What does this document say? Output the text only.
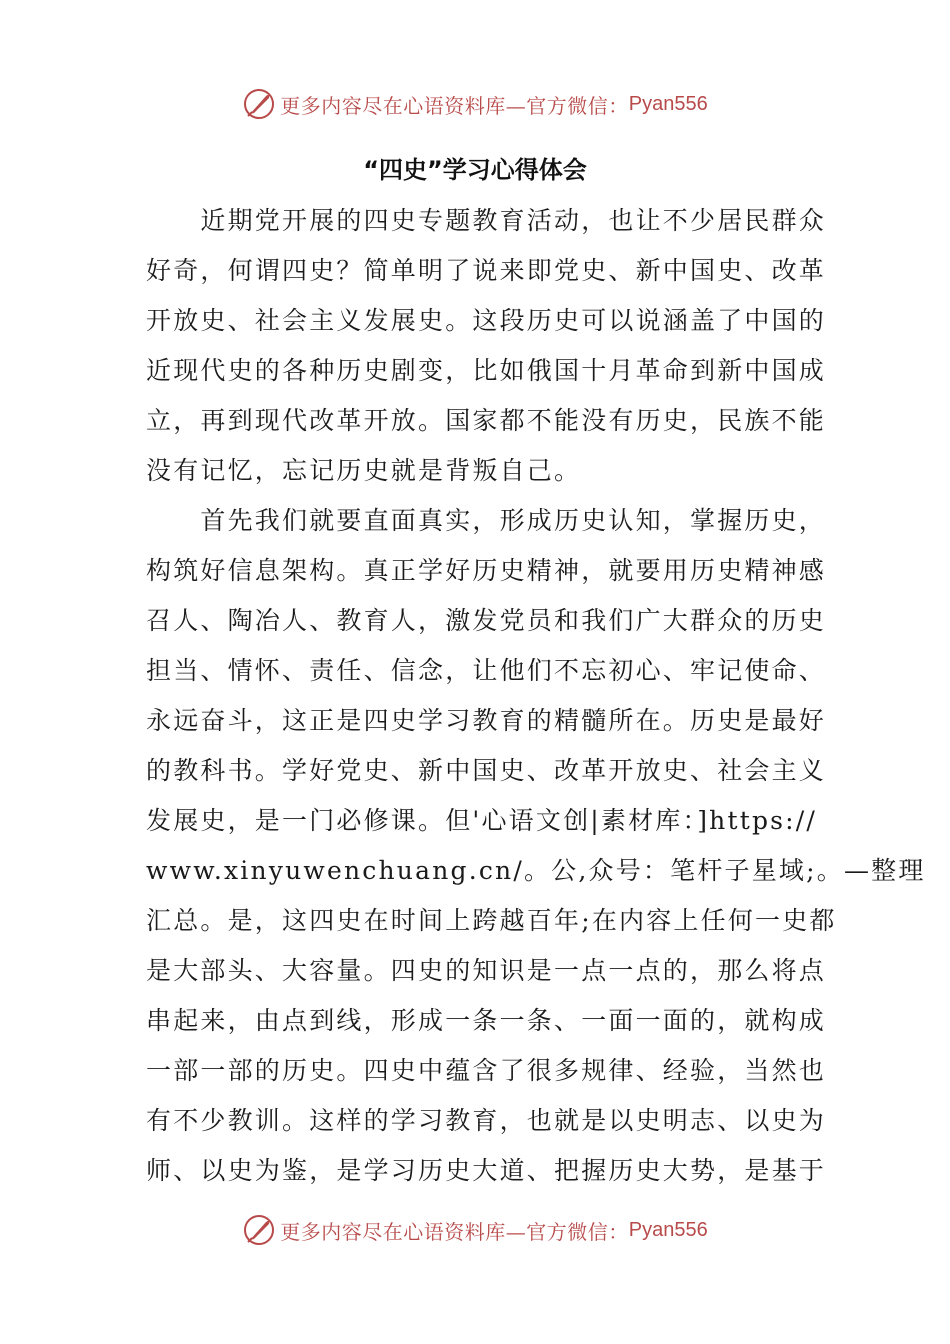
更多内容尽在心语资料库—官方微信： Pyan556
“四史”学习心得体会

　　近期党开展的四史专题教育活动，也让不少居民群众
好奇，何谓四史？简单明了说来即党史、新中国史、改革
开放史、社会主义发展史。这段历史可以说涵盖了中国的
近现代史的各种历史剧变，比如俄国十月革命到新中国成
立，再到现代改革开放。国家都不能没有历史，民族不能
没有记忆，忘记历史就是背叛自己。

　　首先我们就要直面真实，形成历史认知，掌握历史，
构筑好信息架构。真正学好历史精神，就要用历史精神感
召人、陶冶人、教育人，激发党员和我们广大群众的历史
担当、情怀、责任、信念，让他们不忘初心、牢记使命、
永远奋斗，这正是四史学习教育的精髓所在。历史是最好
的教科书。学好党史、新中国史、改革开放史、社会主义
发展史，是一门必修课。但'心语文创|素材库：]https://
www.xinyuwenchuang.cn/。公,众号：笔杆子星域;。—整理
汇总。是，这四史在时间上跨越百年;在内容上任何一史都
是大部头、大容量。四史的知识是一点一点的，那么将点
串起来，由点到线，形成一条一条、一面一面的，就构成
一部一部的历史。四史中蕴含了很多规律、经验，当然也
有不少教训。这样的学习教育，也就是以史明志、以史为
师、以史为鉴，是学习历史大道、把握历史大势，是基于

更多内容尽在心语资料库—官方微信： Pyan556
